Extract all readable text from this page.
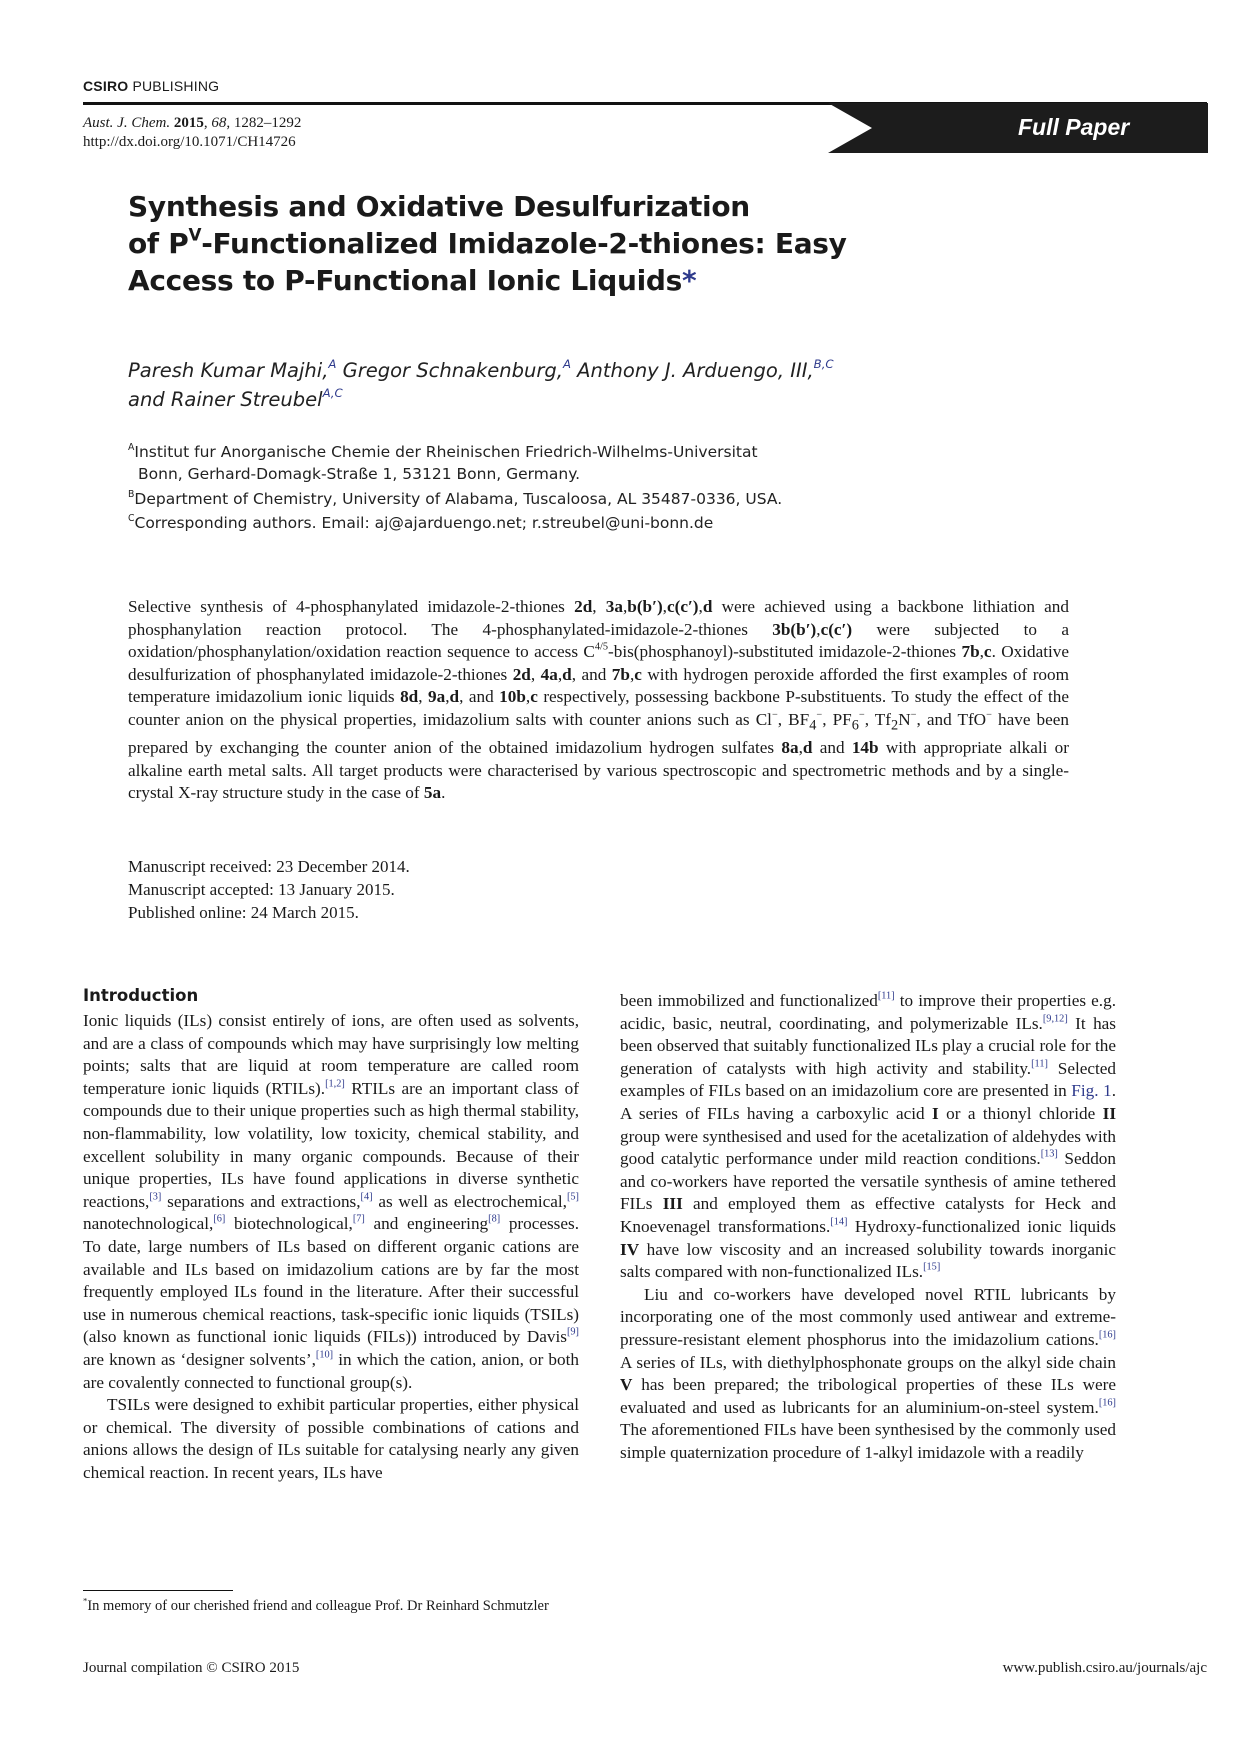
CSIRO PUBLISHING
Aust. J. Chem. 2015, 68, 1282–1292
http://dx.doi.org/10.1071/CH14726
Full Paper
Synthesis and Oxidative Desulfurization
of $P^V$-Functionalized Imidazole-2-thiones: Easy
Access to P-Functional Ionic Liquids*

Paresh Kumar Majhi,$^A$ Gregor Schnakenburg,$^A$ Anthony J. Arduengo, III,$^{B,C}$
and Rainer Streubel$^{A,C}$

$^A$Institut fur Anorganische Chemie der Rheinischen Friedrich-Wilhelms-Universitat

Bonn, Gerhard-Domagk-Straße 1, 53121 Bonn, Germany.

$^B$Department of Chemistry, University of Alabama, Tuscaloosa, AL 35487-0336, USA.

$^C$Corresponding authors. Email: aj@ajarduengo.net; r.streubel@uni-bonn.de

Selective synthesis of 4-phosphanylated imidazole-2-thiones 2d, 3a,b(b′),c(c′),d were achieved using a backbone lithiation and phosphanylation reaction protocol. The 4-phosphanylated-imidazole-2-thiones 3b(b′),c(c′) were subjected to a oxidation/phosphanylation/oxidation reaction sequence to access $C^{4/5}-bis(phosphanoyl)$-substituted imidazole-2-thiones 7b,c. Oxidative desulfurization of phosphanylated imidazole-2-thiones 2d, 4a,d, and 7b,c with hydrogen peroxide afforded the first examples of room temperature imidazolium ionic liquids 8d, 9a,d, and 10b,c respectively, possessing backbone P-substituents. To study the effect of the counter anion on the physical properties, imidazolium salts with counter anions such as Cl−, $BF_4^-$, $PF_6^-$, $Tf_2N^-$, and TfO− have been prepared by exchanging the counter anion of the obtained imidazolium hydrogen sulfates 8a,d and 14b with appropriate alkali or alkaline earth metal salts. All target products were characterised by various spectroscopic and spectrometric methods and by a single-crystal X-ray structure study in the case of 5a.

Manuscript received: 23 December 2014.

Manuscript accepted: 13 January 2015.

Published online: 24 March 2015.

Introduction

Ionic liquids (ILs) consist entirely of ions, are often used as solvents, and are a class of compounds which may have surprisingly low melting points; salts that are liquid at room temperature are called room temperature ionic liquids (RTILs).[1,2] RTILs are an important class of compounds due to their unique properties such as high thermal stability, non-flammability, low volatility, low toxicity, chemical stability, and excellent solubility in many organic compounds. Because of their unique properties, ILs have found applications in diverse synthetic reactions,[3] separations and extractions,[4] as well as electrochemical,[5] nanotechnological,[6] biotechnological,[7] and engineering[8] processes. To date, large numbers of ILs based on different organic cations are available and ILs based on imidazolium cations are by far the most frequently employed ILs found in the literature. After their successful use in numerous chemical reactions, task-specific ionic liquids (TSILs) (also known as functional ionic liquids (FILs)) introduced by Davis[9] are known as ‘designer solvents’,[10] in which the cation, anion, or both are covalently connected to functional group(s).

TSILs were designed to exhibit particular properties, either physical or chemical. The diversity of possible combinations of cations and anions allows the design of ILs suitable for catalysing nearly any given chemical reaction. In recent years, ILs have

been immobilized and functionalized[11] to improve their properties e.g. acidic, basic, neutral, coordinating, and polymerizable ILs.[9,12] It has been observed that suitably functionalized ILs play a crucial role for the generation of catalysts with high activity and stability.[11] Selected examples of FILs based on an imidazolium core are presented in Fig. 1. A series of FILs having a carboxylic acid I or a thionyl chloride II group were synthesised and used for the acetalization of aldehydes with good catalytic performance under mild reaction conditions.[13] Seddon and co-workers have reported the versatile synthesis of amine tethered FILs III and employed them as effective catalysts for Heck and Knoevenagel transformations.[14] Hydroxy-functionalized ionic liquids IV have low viscosity and an increased solubility towards inorganic salts compared with non-functionalized ILs.[15]

Liu and co-workers have developed novel RTIL lubricants by incorporating one of the most commonly used antiwear and extreme-pressure-resistant element phosphorus into the imidazolium cations.[16] A series of ILs, with diethylphosphonate groups on the alkyl side chain V has been prepared; the tribological properties of these ILs were evaluated and used as lubricants for an aluminium-on-steel system.[16] The aforementioned FILs have been synthesised by the commonly used simple quaternization procedure of 1-alkyl imidazole with a readily

*In memory of our cherished friend and colleague Prof. Dr Reinhard Schmutzler
Journal compilation © CSIRO 2015	www.publish.csiro.au/journals/ajc
